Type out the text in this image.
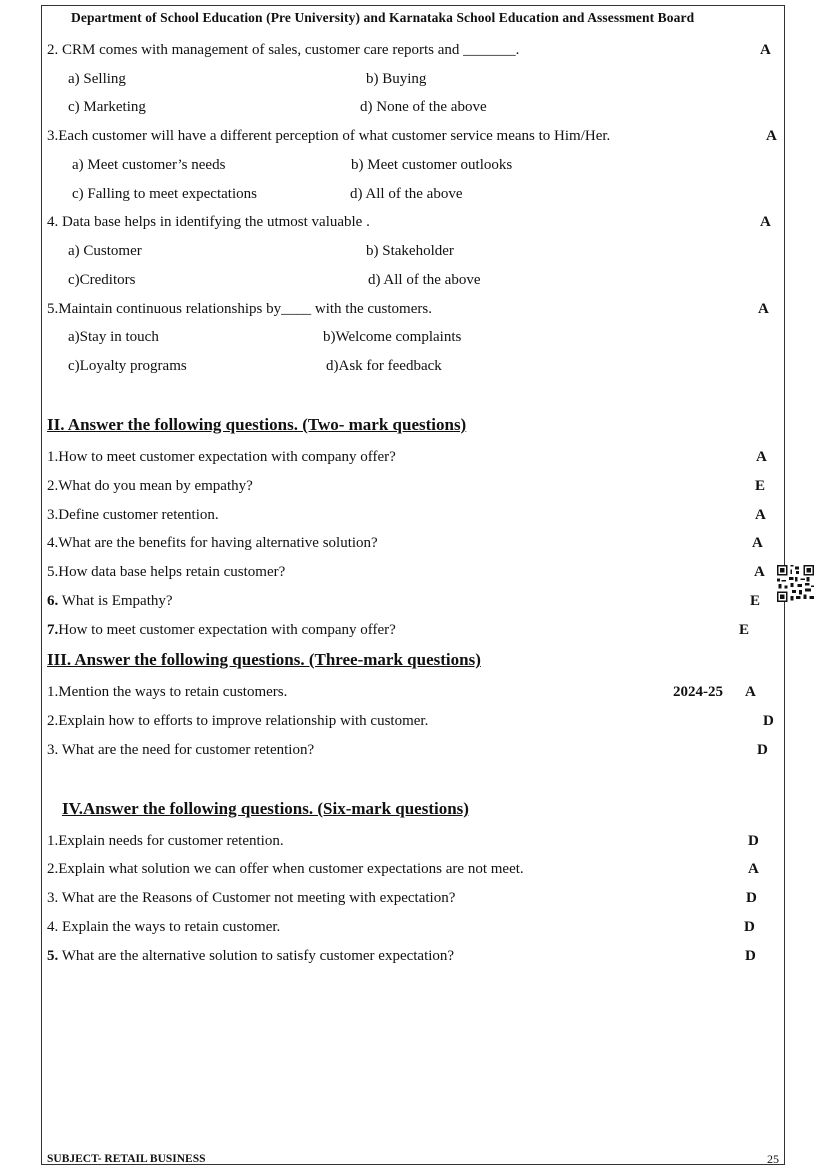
Department of School Education (Pre University) and Karnataka School Education and Assessment Board
2. CRM comes with management of sales, customer care reports and _______.	A
a) Selling	b) Buying
c) Marketing	d) None of the above
3.Each customer will have a different perception of what customer service means to Him/Her.	A
a) Meet customer’s needs	b) Meet customer outlooks
c) Falling to meet expectations	d) All of the above
4. Data base helps in identifying the utmost valuable .	A
a) Customer	b) Stakeholder
c)Creditors	d) All of the above
5.Maintain continuous relationships by____ with the customers.	A
a)Stay in touch	b)Welcome complaints
c)Loyalty programs	d)Ask for feedback
II. Answer the following questions. (Two- mark questions)
1.How to meet customer expectation with company offer?	A
2.What do you mean by empathy?	E
3.Define customer retention.	A
4.What are the benefits for having alternative solution?	A
5.How data base helps retain customer?	A
6. What is Empathy?	E
7.How to meet customer expectation with company offer?	E
III. Answer the following questions. (Three-mark questions)
1.Mention the ways to retain customers.	2024-25 A
2.Explain how to efforts to improve relationship with customer.	D
3. What are the need for customer retention?	D
IV.Answer the following questions. (Six-mark questions)
1.Explain needs for customer retention.	D
2.Explain what solution we can offer when customer expectations are not meet.	A
3. What are the Reasons of Customer not meeting with expectation?	D
4. Explain the ways to retain customer.	D
5. What are the alternative solution to satisfy customer expectation?	D
SUBJECT- RETAIL BUSINESS	25
